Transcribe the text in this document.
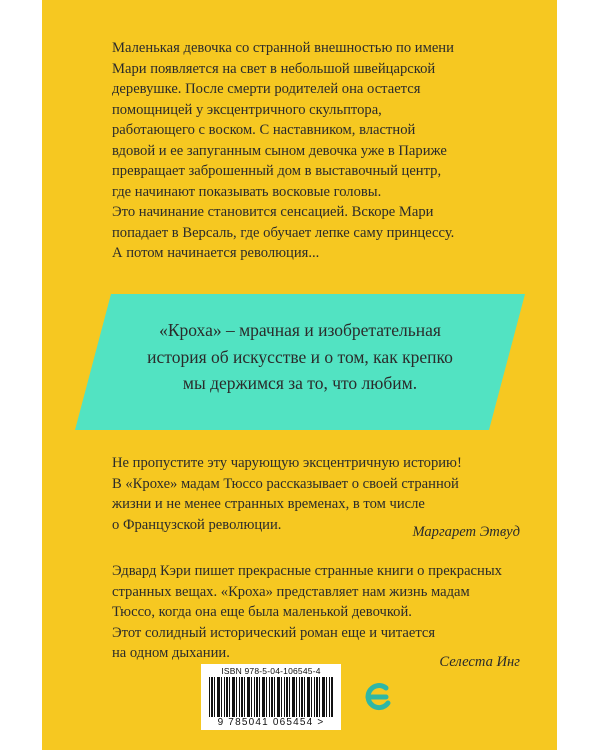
Маленькая девочка со странной внешностью по имени

Мари появляется на свет в небольшой швейцарской

деревушке. После смерти родителей она остается

помощницей у эксцентричного скульптора,

работающего с воском. С наставником, властной

вдовой и ее запуганным сыном девочка уже в Париже

превращает заброшенный дом в выставочный центр,

где начинают показывать восковые головы.

Это начинание становится сенсацией. Вскоре Мари

попадает в Версаль, где обучает лепке саму принцессу.

А потом начинается революция...

«Кроха» – мрачная и изобретательная

история об искусстве и о том, как крепко

мы держимся за то, что любим.

Не пропустите эту чарующую эксцентричную историю!

В «Крохе» мадам Тюссо рассказывает о своей странной

жизни и не менее странных временах, в том числе

о Французской революции.	Маргарет Этвуд

Эдвард Кэри пишет прекрасные странные книги о прекрасных

странных вещах. «Кроха» представляет нам жизнь мадам

Тюссо, когда она еще была маленькой девочкой.

Этот солидный исторический роман еще и читается

на одном дыхании.

Селеста Инг
ISBN 978-5-04-106545-4
9 785041 065454 >
